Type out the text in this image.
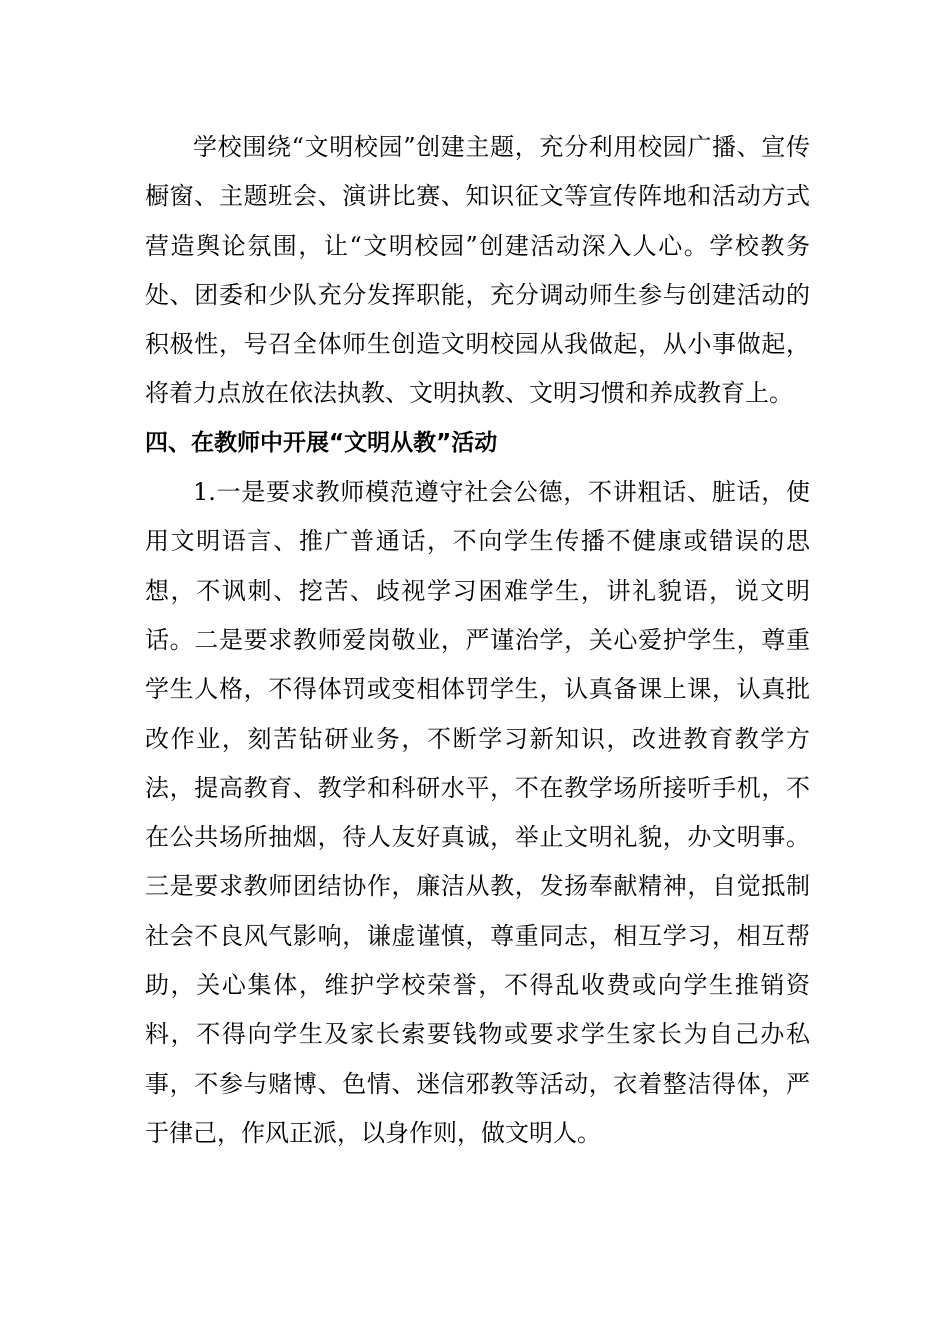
学校围绕“文明校园”创建主题，充分利用校园广播、宣传橱窗、主题班会、演讲比赛、知识征文等宣传阵地和活动方式营造舆论氛围，让“文明校园”创建活动深入人心。学校教务处、团委和少队充分发挥职能，充分调动师生参与创建活动的积极性，号召全体师生创造文明校园从我做起，从小事做起，将着力点放在依法执教、文明执教、文明习惯和养成教育上。

四、在教师中开展“文明从教”活动

1.一是要求教师模范遵守社会公德，不讲粗话、脏话，使用文明语言、推广普通话，不向学生传播不健康或错误的思想，不讽刺、挖苦、歧视学习困难学生，讲礼貌语，说文明话。二是要求教师爱岗敬业，严谨治学，关心爱护学生，尊重学生人格，不得体罚或变相体罚学生，认真备课上课，认真批改作业，刻苦钻研业务，不断学习新知识，改进教育教学方法，提高教育、教学和科研水平，不在教学场所接听手机，不在公共场所抽烟，待人友好真诚，举止文明礼貌，办文明事。三是要求教师团结协作，廉洁从教，发扬奉献精神，自觉抵制社会不良风气影响，谦虚谨慎，尊重同志，相互学习，相互帮助，关心集体，维护学校荣誉，不得乱收费或向学生推销资料，不得向学生及家长索要钱物或要求学生家长为自己办私事，不参与赌博、色情、迷信邪教等活动，衣着整洁得体，严于律己，作风正派，以身作则，做文明人。
